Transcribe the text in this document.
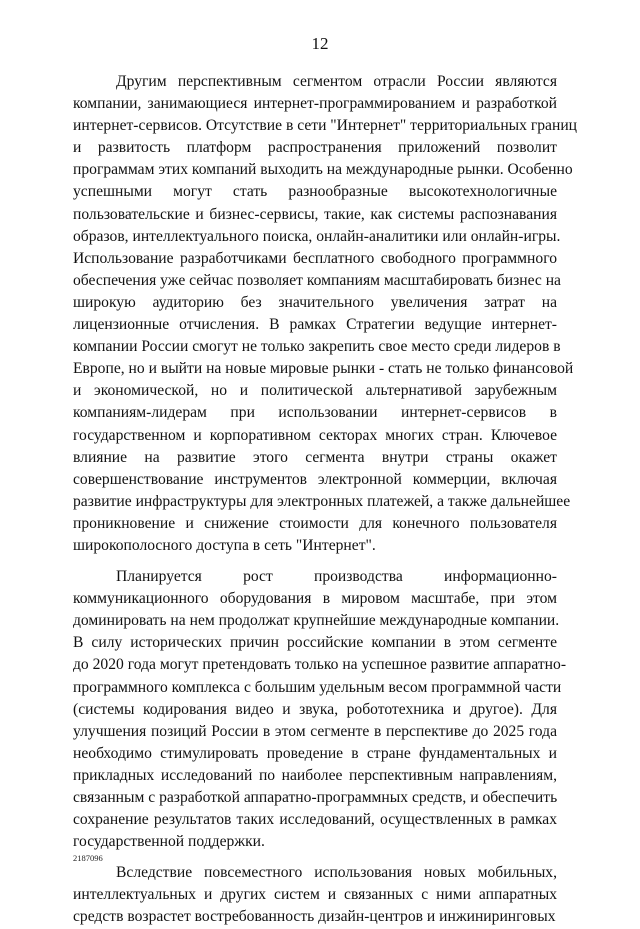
12

Другим перспективным сегментом отрасли России являются
компании, занимающиеся интернет-программированием и разработкой
интернет-сервисов. Отсутствие в сети "Интернет" территориальных границ
и развитость платформ распространения приложений позволит
программам этих компаний выходить на международные рынки. Особенно
успешными могут стать разнообразные высокотехнологичные
пользовательские и бизнес-сервисы, такие, как системы распознавания
образов, интеллектуального поиска, онлайн-аналитики или онлайн-игры.
Использование разработчиками бесплатного свободного программного
обеспечения уже сейчас позволяет компаниям масштабировать бизнес на
широкую аудиторию без значительного увеличения затрат на
лицензионные отчисления. В рамках Стратегии ведущие интернет-
компании России смогут не только закрепить свое место среди лидеров в
Европе, но и выйти на новые мировые рынки - стать не только финансовой
и экономической, но и политической альтернативой зарубежным
компаниям-лидерам при использовании интернет-сервисов в
государственном и корпоративном секторах многих стран. Ключевое
влияние на развитие этого сегмента внутри страны окажет
совершенствование инструментов электронной коммерции, включая
развитие инфраструктуры для электронных платежей, а также дальнейшее
проникновение и снижение стоимости для конечного пользователя
широкополосного доступа в сеть "Интернет".

Планируется рост производства информационно-
коммуникационного оборудования в мировом масштабе, при этом
доминировать на нем продолжат крупнейшие международные компании.
В силу исторических причин российские компании в этом сегменте
до 2020 года могут претендовать только на успешное развитие аппаратно-
программного комплекса с большим удельным весом программной части
(системы кодирования видео и звука, робототехника и другое). Для
улучшения позиций России в этом сегменте в перспективе до 2025 года
необходимо стимулировать проведение в стране фундаментальных и
прикладных исследований по наиболее перспективным направлениям,
связанным с разработкой аппаратно-программных средств, и обеспечить
сохранение результатов таких исследований, осуществленных в рамках
государственной поддержки.

Вследствие повсеместного использования новых мобильных,
интеллектуальных и других систем и связанных с ними аппаратных
средств возрастет востребованность дизайн-центров и инжиниринговых

2187096
